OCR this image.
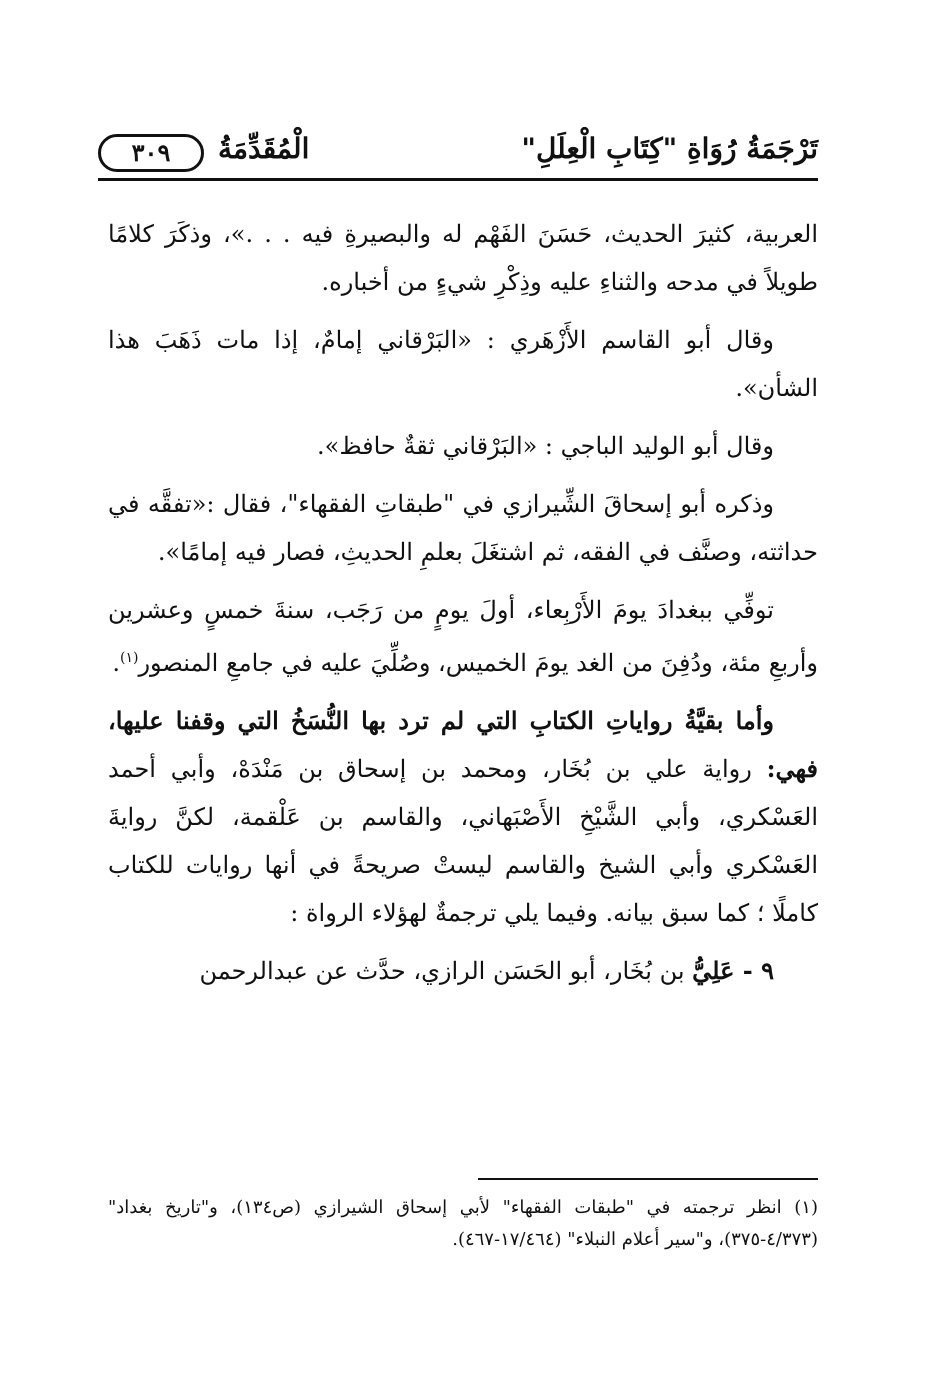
تَرْجَمَةُ رُوَاةِ "كِتَابِ الْعِلَلِ"
الْمُقَدِّمَةُ
٣٠٩

العربية، كثيرَ الحديث، حَسَنَ الفَهْم له والبصيرةِ فيه . . .»، وذكَرَ كلامًا طويلاً في مدحه والثناءِ عليه وذِكْرِ شيءٍ من أخباره.

وقال أبو القاسم الأَزْهَري : «البَرْقاني إمامٌ، إذا مات ذَهَبَ هذا الشأن».

وقال أبو الوليد الباجي : «البَرْقاني ثقةٌ حافظ».

وذكره أبو إسحاقَ الشِّيرازي في "طبقاتِ الفقهاء"، فقال :«تفقَّه في حداثته، وصنَّف في الفقه، ثم اشتغَلَ بعلمِ الحديثِ، فصار فيه إمامًا».

توفِّي ببغدادَ يومَ الأَرْبِعاء، أولَ يومٍ من رَجَب، سنةَ خمسٍ وعشرين وأربعِ مئة، ودُفِنَ من الغد يومَ الخميس، وصُلِّيَ عليه في جامعِ المنصور$^{(١)}$.

وأما بقيَّةُ رواياتِ الكتابِ التي لم ترد بها النُّسَخُ التي وقفنا عليها، فهي: رواية علي بن بُخَار، ومحمد بن إسحاق بن مَنْدَهْ، وأبي أحمد العَسْكري، وأبي الشَّيْخِ الأَصْبَهاني، والقاسم بن عَلْقمة، لكنَّ روايةَ العَسْكري وأبي الشيخ والقاسم ليستْ صريحةً في أنها روايات للكتاب كاملًا ؛ كما سبق بيانه. وفيما يلي ترجمةٌ لهؤلاء الرواة :

٩ - عَلِيُّ بن بُخَار، أبو الحَسَن الرازي، حدَّث عن عبدالرحمن

(١) انظر ترجمته في "طبقات الفقهاء" لأبي إسحاق الشيرازي (ص١٣٤)، و"تاريخ بغداد" (٤/٣٧٣-٣٧٥)، و"سير أعلام النبلاء" (١٧/٤٦٤-٤٦٧).
